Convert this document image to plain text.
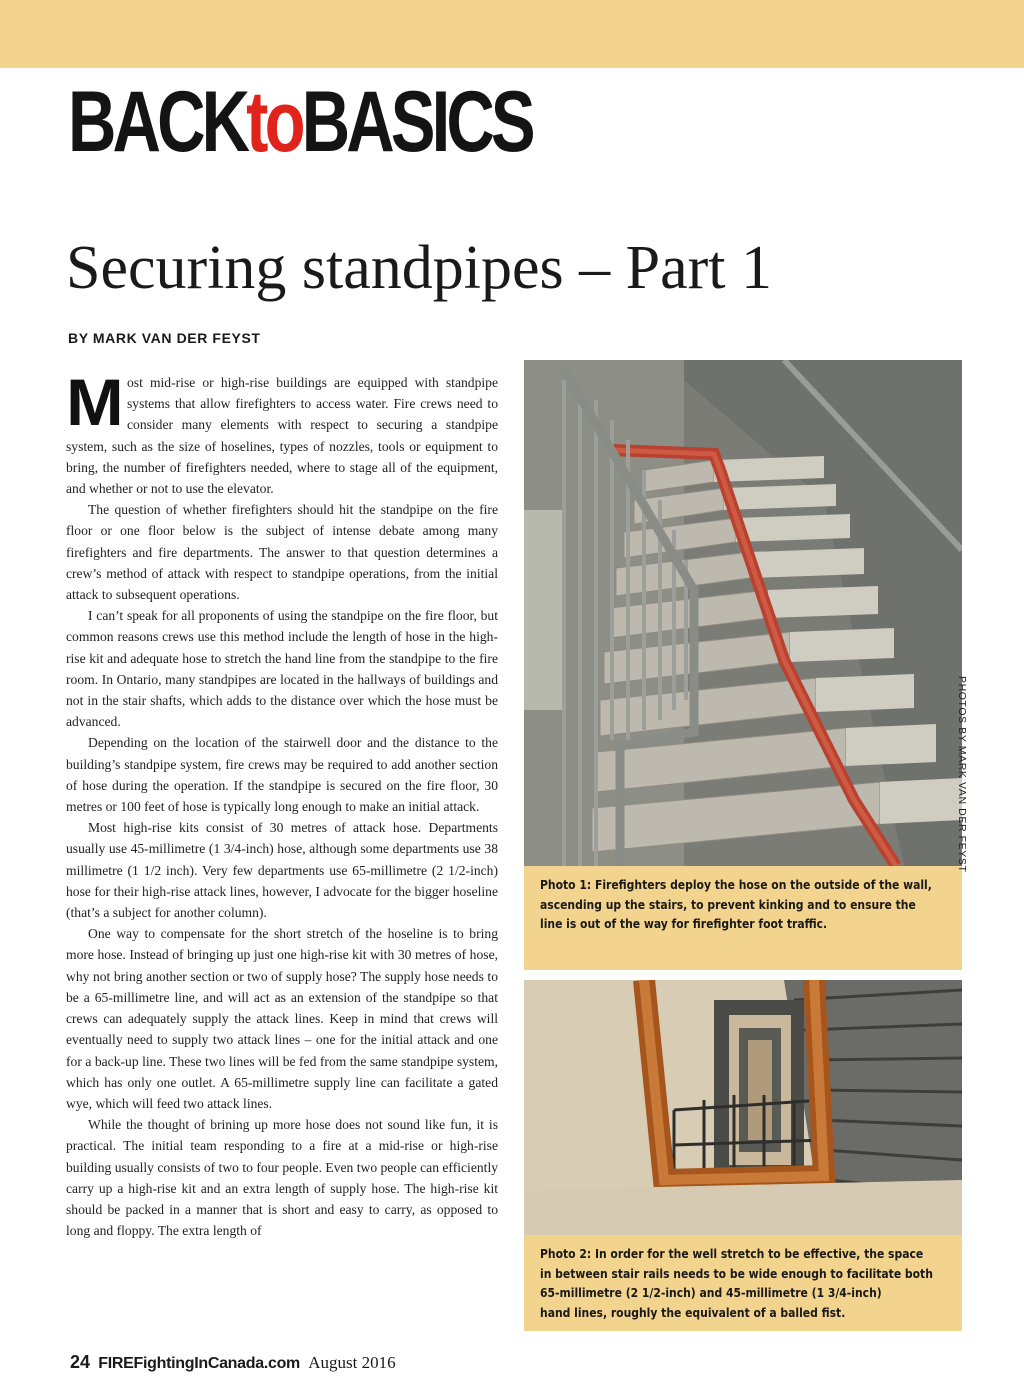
BACKtoBASICS
Securing standpipes – Part 1
BY MARK VAN DER FEYST

Most mid-rise or high-rise buildings are equipped with standpipe systems that allow firefighters to access water. Fire crews need to consider many elements with respect to securing a standpipe system, such as the size of hoselines, types of nozzles, tools or equipment to bring, the number of firefighters needed, where to stage all of the equipment, and whether or not to use the elevator.

The question of whether firefighters should hit the standpipe on the fire floor or one floor below is the subject of intense debate among many firefighters and fire departments. The answer to that question determines a crew’s method of attack with respect to standpipe operations, from the initial attack to subsequent operations.

I can’t speak for all proponents of using the standpipe on the fire floor, but common reasons crews use this method include the length of hose in the high-rise kit and adequate hose to stretch the hand line from the standpipe to the fire room. In Ontario, many standpipes are located in the hallways of buildings and not in the stair shafts, which adds to the distance over which the hose must be advanced.

Depending on the location of the stairwell door and the distance to the building’s standpipe system, fire crews may be required to add another section of hose during the operation. If the standpipe is secured on the fire floor, 30 metres or 100 feet of hose is typically long enough to make an initial attack.

Most high-rise kits consist of 30 metres of attack hose. Departments usually use 45-millimetre (1 3/4-inch) hose, although some departments use 38 millimetre (1 1/2 inch). Very few departments use 65-millimetre (2 1/2-inch) hose for their high-rise attack lines, however, I advocate for the bigger hoseline (that’s a subject for another column).

One way to compensate for the short stretch of the hoseline is to bring more hose. Instead of bringing up just one high-rise kit with 30 metres of hose, why not bring another section or two of supply hose? The supply hose needs to be a 65-millimetre line, and will act as an extension of the standpipe so that crews can adequately supply the attack lines. Keep in mind that crews will eventually need to supply two attack lines – one for the initial attack and one for a back-up line. These two lines will be fed from the same standpipe system, which has only one outlet. A 65-millimetre supply line can facilitate a gated wye, which will feed two attack lines.

While the thought of brining up more hose does not sound like fun, it is practical. The initial team responding to a fire at a mid-rise or high-rise building usually consists of two to four people. Even two people can efficiently carry up a high-rise kit and an extra length of supply hose. The high-rise kit should be packed in a manner that is short and easy to carry, as opposed to long and floppy. The extra length of

Photo 1: Firefighters deploy the hose on the outside of the wall,
ascending up the stairs, to prevent kinking and to ensure the
line is out of the way for firefighter foot traffic.
PHOTOS BY MARK VAN DER FEYST
Photo 2: In order for the well stretch to be effective, the space
in between stair rails needs to be wide enough to facilitate both
65-millimetre (2 1/2-inch) and 45-millimetre (1 3/4-inch)
hand lines, roughly the equivalent of a balled fist.
24 FIREFightingInCanada.com August 2016
